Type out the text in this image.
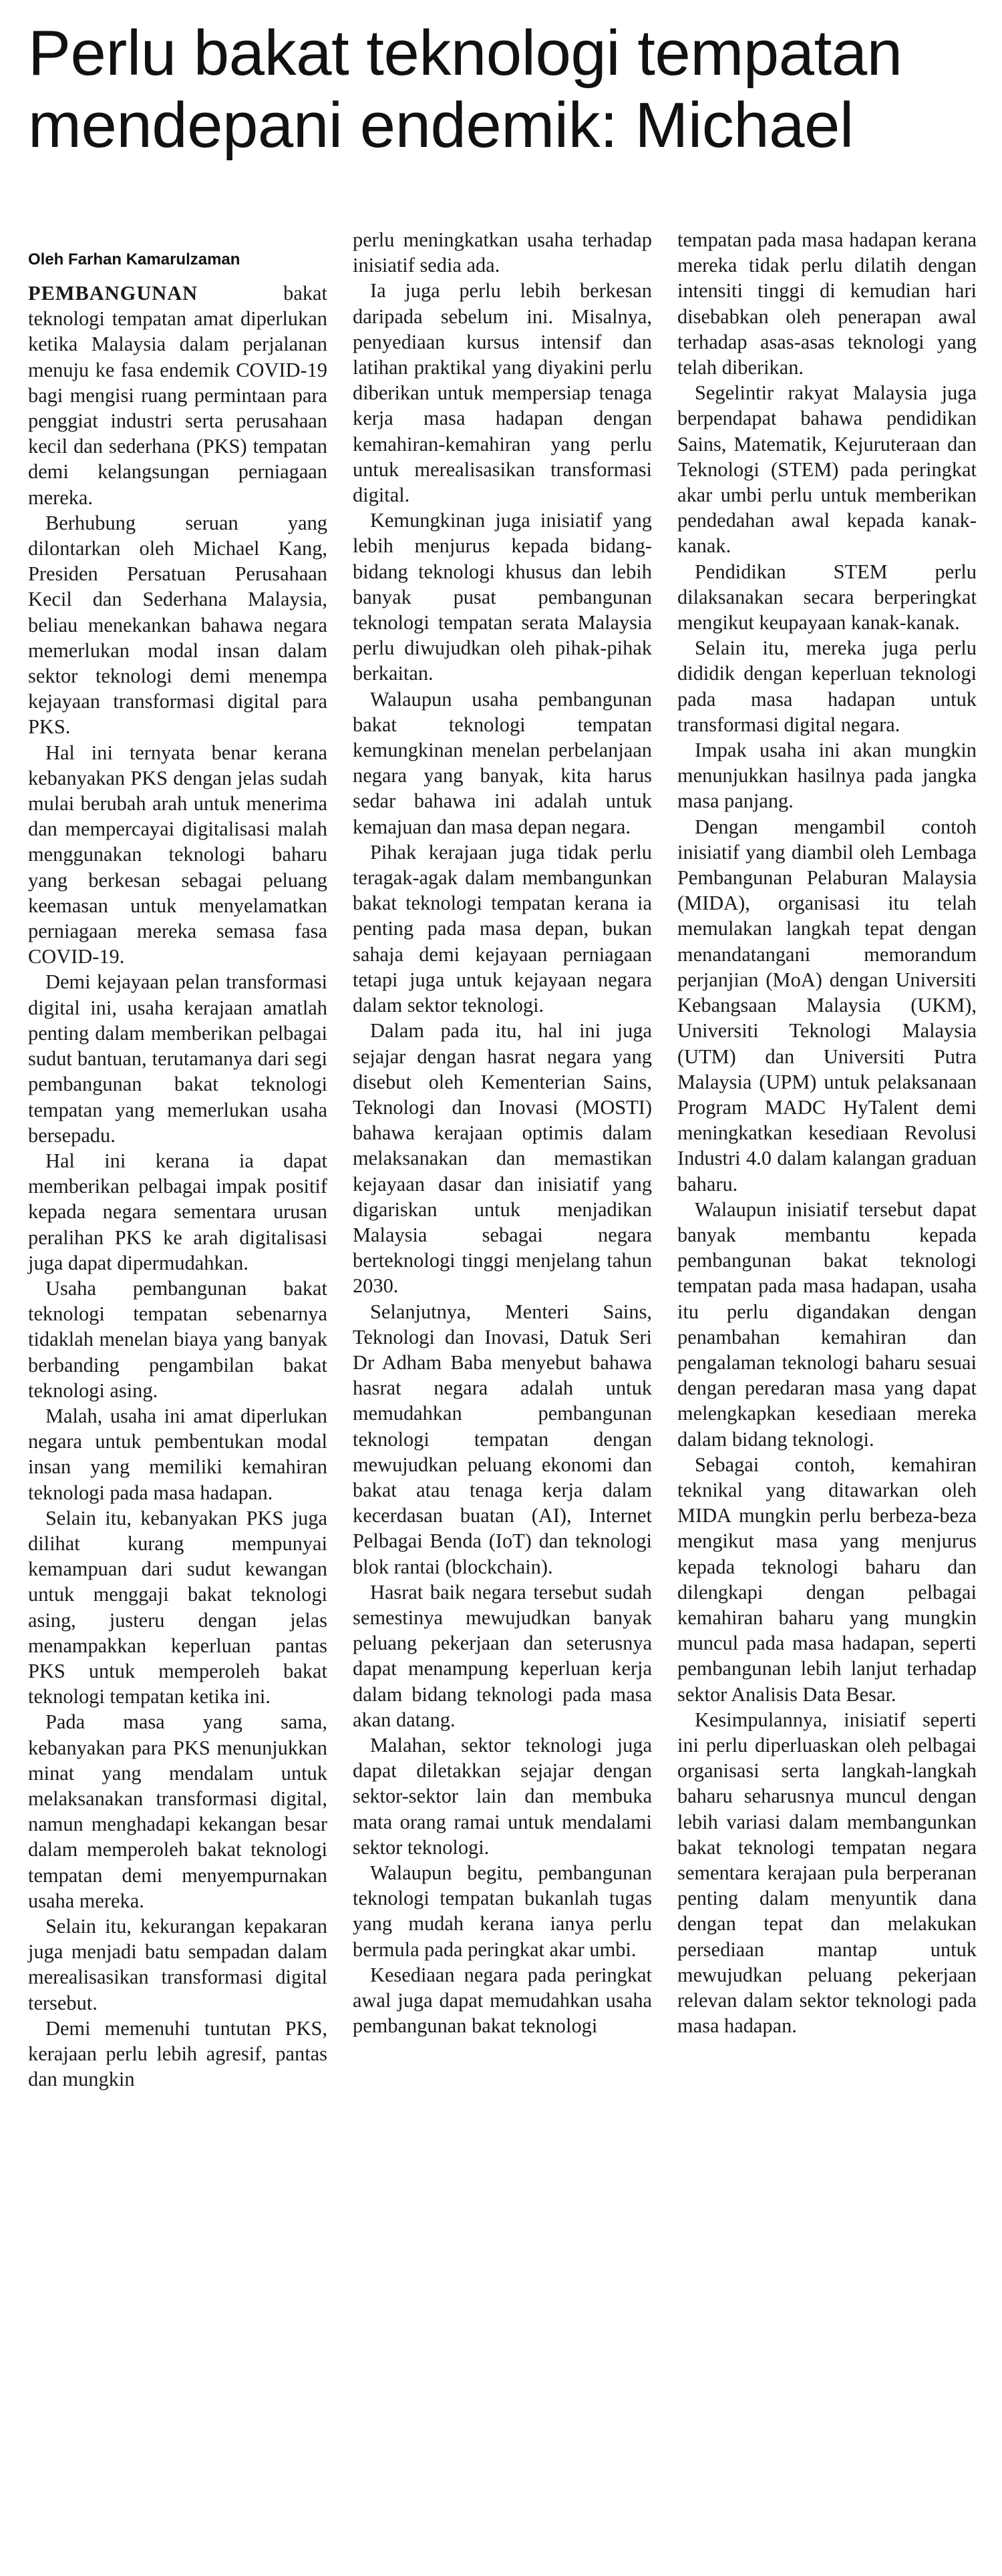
Perlu bakat teknologi tempatan
mendepani endemik: Michael
Oleh Farhan Kamarulzaman

PEMBANGUNAN bakat teknologi tempatan amat diperlukan ketika Malaysia dalam perjalanan menuju ke fasa endemik COVID-19 bagi mengisi ruang permintaan para penggiat industri serta perusahaan kecil dan sederhana (PKS) tempatan demi kelangsungan perniagaan mereka.

Berhubung seruan yang dilontarkan oleh Michael Kang, Presiden Persatuan Perusahaan Kecil dan Sederhana Malaysia, beliau menekankan bahawa negara memerlukan modal insan dalam sektor teknologi demi menempa kejayaan transformasi digital para PKS.

Hal ini ternyata benar kerana kebanyakan PKS dengan jelas sudah mulai berubah arah untuk menerima dan mempercayai digitalisasi malah menggunakan teknologi baharu yang berkesan sebagai peluang keemasan untuk menyelamatkan perniagaan mereka semasa fasa COVID-19.

Demi kejayaan pelan transformasi digital ini, usaha kerajaan amatlah penting dalam memberikan pelbagai sudut bantuan, terutamanya dari segi pembangunan bakat teknologi tempatan yang memerlukan usaha bersepadu.

Hal ini kerana ia dapat memberikan pelbagai impak positif kepada negara sementara urusan peralihan PKS ke arah digitalisasi juga dapat dipermudahkan.

Usaha pembangunan bakat teknologi tempatan sebenarnya tidaklah menelan biaya yang banyak berbanding pengambilan bakat teknologi asing.

Malah, usaha ini amat diperlukan negara untuk pembentukan modal insan yang memiliki kemahiran teknologi pada masa hadapan.

Selain itu, kebanyakan PKS juga dilihat kurang mempunyai kemampuan dari sudut kewangan untuk menggaji bakat teknologi asing, justeru dengan jelas menampakkan keperluan pantas PKS untuk memperoleh bakat teknologi tempatan ketika ini.

Pada masa yang sama, kebanyakan para PKS menunjukkan minat yang mendalam untuk melaksanakan transformasi digital, namun menghadapi kekangan besar dalam memperoleh bakat teknologi tempatan demi menyempurnakan usaha mereka.

Selain itu, kekurangan kepakaran juga menjadi batu sempadan dalam merealisasikan transformasi digital tersebut.

Demi memenuhi tuntutan PKS, kerajaan perlu lebih agresif, pantas dan mungkin

perlu meningkatkan usaha terhadap inisiatif sedia ada.

Ia juga perlu lebih berkesan daripada sebelum ini. Misalnya, penyediaan kursus intensif dan latihan praktikal yang diyakini perlu diberikan untuk mempersiap tenaga kerja masa hadapan dengan kemahiran-kemahiran yang perlu untuk merealisasikan transformasi digital.

Kemungkinan juga inisiatif yang lebih menjurus kepada bidang-bidang teknologi khusus dan lebih banyak pusat pembangunan teknologi tempatan serata Malaysia perlu diwujudkan oleh pihak-pihak berkaitan.

Walaupun usaha pembangunan bakat teknologi tempatan kemungkinan menelan perbelanjaan negara yang banyak, kita harus sedar bahawa ini adalah untuk kemajuan dan masa depan negara.

Pihak kerajaan juga tidak perlu teragak-agak dalam membangunkan bakat teknologi tempatan kerana ia penting pada masa depan, bukan sahaja demi kejayaan perniagaan tetapi juga untuk kejayaan negara dalam sektor teknologi.

Dalam pada itu, hal ini juga sejajar dengan hasrat negara yang disebut oleh Kementerian Sains, Teknologi dan Inovasi (MOSTI) bahawa kerajaan optimis dalam melaksanakan dan memastikan kejayaan dasar dan inisiatif yang digariskan untuk menjadikan Malaysia sebagai negara berteknologi tinggi menjelang tahun 2030.

Selanjutnya, Menteri Sains, Teknologi dan Inovasi, Datuk Seri Dr Adham Baba menyebut bahawa hasrat negara adalah untuk memudahkan pembangunan teknologi tempatan dengan mewujudkan peluang ekonomi dan bakat atau tenaga kerja dalam kecerdasan buatan (AI), Internet Pelbagai Benda (IoT) dan teknologi blok rantai (blockchain).

Hasrat baik negara tersebut sudah semestinya mewujudkan banyak peluang pekerjaan dan seterusnya dapat menampung keperluan kerja dalam bidang teknologi pada masa akan datang.

Malahan, sektor teknologi juga dapat diletakkan sejajar dengan sektor-sektor lain dan membuka mata orang ramai untuk mendalami sektor teknologi.

Walaupun begitu, pembangunan teknologi tempatan bukanlah tugas yang mudah kerana ianya perlu bermula pada peringkat akar umbi.

Kesediaan negara pada peringkat awal juga dapat memudahkan usaha pembangunan bakat teknologi

tempatan pada masa hadapan kerana mereka tidak perlu dilatih dengan intensiti tinggi di kemudian hari disebabkan oleh penerapan awal terhadap asas-asas teknologi yang telah diberikan.

Segelintir rakyat Malaysia juga berpendapat bahawa pendidikan Sains, Matematik, Kejuruteraan dan Teknologi (STEM) pada peringkat akar umbi perlu untuk memberikan pendedahan awal kepada kanak-kanak.

Pendidikan STEM perlu dilaksanakan secara berperingkat mengikut keupayaan kanak-kanak.

Selain itu, mereka juga perlu dididik dengan keperluan teknologi pada masa hadapan untuk transformasi digital negara.

Impak usaha ini akan mungkin menunjukkan hasilnya pada jangka masa panjang.

Dengan mengambil contoh inisiatif yang diambil oleh Lembaga Pembangunan Pelaburan Malaysia (MIDA), organisasi itu telah memulakan langkah tepat dengan menandatangani memorandum perjanjian (MoA) dengan Universiti Kebangsaan Malaysia (UKM), Universiti Teknologi Malaysia (UTM) dan Universiti Putra Malaysia (UPM) untuk pelaksanaan Program MADC HyTalent demi meningkatkan kesediaan Revolusi Industri 4.0 dalam kalangan graduan baharu.

Walaupun inisiatif tersebut dapat banyak membantu kepada pembangunan bakat teknologi tempatan pada masa hadapan, usaha itu perlu digandakan dengan penambahan kemahiran dan pengalaman teknologi baharu sesuai dengan peredaran masa yang dapat melengkapkan kesediaan mereka dalam bidang teknologi.

Sebagai contoh, kemahiran teknikal yang ditawarkan oleh MIDA mungkin perlu berbeza-beza mengikut masa yang menjurus kepada teknologi baharu dan dilengkapi dengan pelbagai kemahiran baharu yang mungkin muncul pada masa hadapan, seperti pembangunan lebih lanjut terhadap sektor Analisis Data Besar.

Kesimpulannya, inisiatif seperti ini perlu diperluaskan oleh pelbagai organisasi serta langkah-langkah baharu seharusnya muncul dengan lebih variasi dalam membangunkan bakat teknologi tempatan negara sementara kerajaan pula berperanan penting dalam menyuntik dana dengan tepat dan melakukan persediaan mantap untuk mewujudkan peluang pekerjaan relevan dalam sektor teknologi pada masa hadapan.
